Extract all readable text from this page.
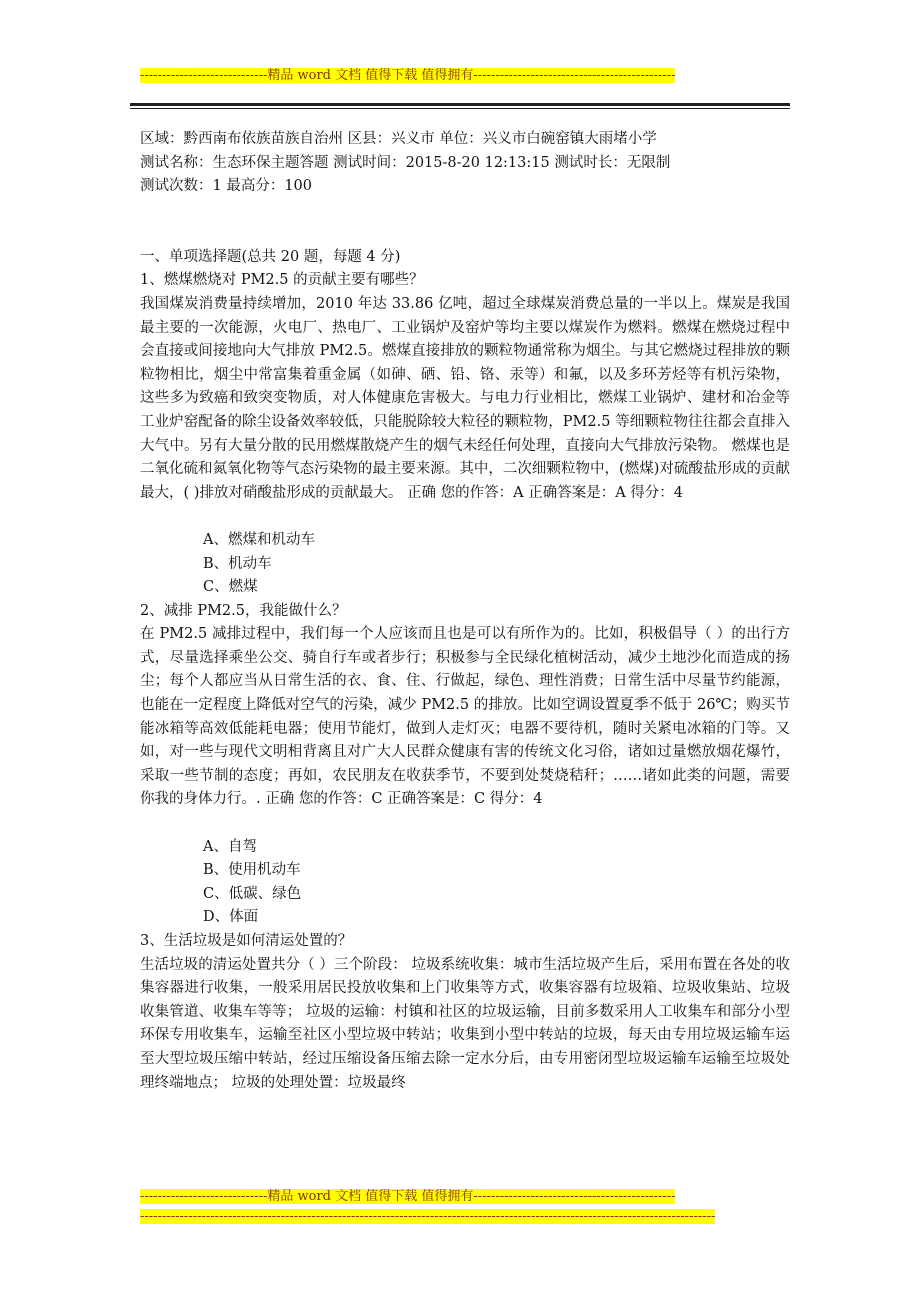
-----------------------------精品 word 文档 值得下载 值得拥有----------------------------------------------
区域：黔西南布依族苗族自治州 区县：兴义市 单位：兴义市白碗窑镇大雨堵小学
测试名称：生态环保主题答题 测试时间：2015-8-20 12:13:15 测试时长：无限制
测试次数：1 最高分：100
一、单项选择题(总共 20 题，每题 4 分)
1、燃煤燃烧对 PM2.5 的贡献主要有哪些？
我国煤炭消费量持续增加，2010 年达 33.86 亿吨，超过全球煤炭消费总量的一半以上。煤炭是我国最主要的一次能源，火电厂、热电厂、工业锅炉及窑炉等均主要以煤炭作为燃料。燃煤在燃烧过程中会直接或间接地向大气排放 PM2.5。燃煤直接排放的颗粒物通常称为烟尘。与其它燃烧过程排放的颗粒物相比，烟尘中常富集着重金属（如砷、硒、铅、铬、汞等）和氟，以及多环芳烃等有机污染物，这些多为致癌和致突变物质，对人体健康危害极大。与电力行业相比，燃煤工业锅炉、建材和冶金等工业炉窑配备的除尘设备效率较低，只能脱除较大粒径的颗粒物，PM2.5 等细颗粒物往往都会直排入大气中。另有大量分散的民用燃煤散烧产生的烟气未经任何处理，直接向大气排放污染物。 燃煤也是二氧化硫和氮氧化物等气态污染物的最主要来源。其中，二次细颗粒物中，(燃煤)对硫酸盐形成的贡献最大，( )排放对硝酸盐形成的贡献最大。 正确 您的作答：A 正确答案是：A 得分：4
A、燃煤和机动车
B、机动车
C、燃煤
2、减排 PM2.5，我能做什么？
在 PM2.5 减排过程中，我们每一个人应该而且也是可以有所作为的。比如，积极倡导（ ）的出行方式，尽量选择乘坐公交、骑自行车或者步行；积极参与全民绿化植树活动，减少土地沙化而造成的扬尘；每个人都应当从日常生活的衣、食、住、行做起，绿色、理性消费；日常生活中尽量节约能源，也能在一定程度上降低对空气的污染，减少 PM2.5 的排放。比如空调设置夏季不低于 26℃；购买节能冰箱等高效低能耗电器；使用节能灯，做到人走灯灭；电器不要待机，随时关紧电冰箱的门等。又如，对一些与现代文明相背离且对广大人民群众健康有害的传统文化习俗，诸如过量燃放烟花爆竹，采取一些节制的态度；再如，农民朋友在收获季节，不要到处焚烧秸秆；……诸如此类的问题，需要你我的身体力行。. 正确 您的作答：C 正确答案是：C 得分：4
A、自驾
B、使用机动车
C、低碳、绿色
D、体面
3、生活垃圾是如何清运处置的？
生活垃圾的清运处置共分（ ）三个阶段： 垃圾系统收集：城市生活垃圾产生后，采用布置在各处的收集容器进行收集，一般采用居民投放收集和上门收集等方式，收集容器有垃圾箱、垃圾收集站、垃圾收集管道、收集车等等； 垃圾的运输：村镇和社区的垃圾运输，目前多数采用人工收集车和部分小型环保专用收集车，运输至社区小型垃圾中转站；收集到小型中转站的垃圾，每天由专用垃圾运输车运至大型垃圾压缩中转站，经过压缩设备压缩去除一定水分后，由专用密闭型垃圾运输车运输至垃圾处理终端地点； 垃圾的处理处置：垃圾最终
-----------------------------精品 word 文档 值得下载 值得拥有----------------------------------------------
-----------------------------------------------------------------------------------------------------------------------------------
